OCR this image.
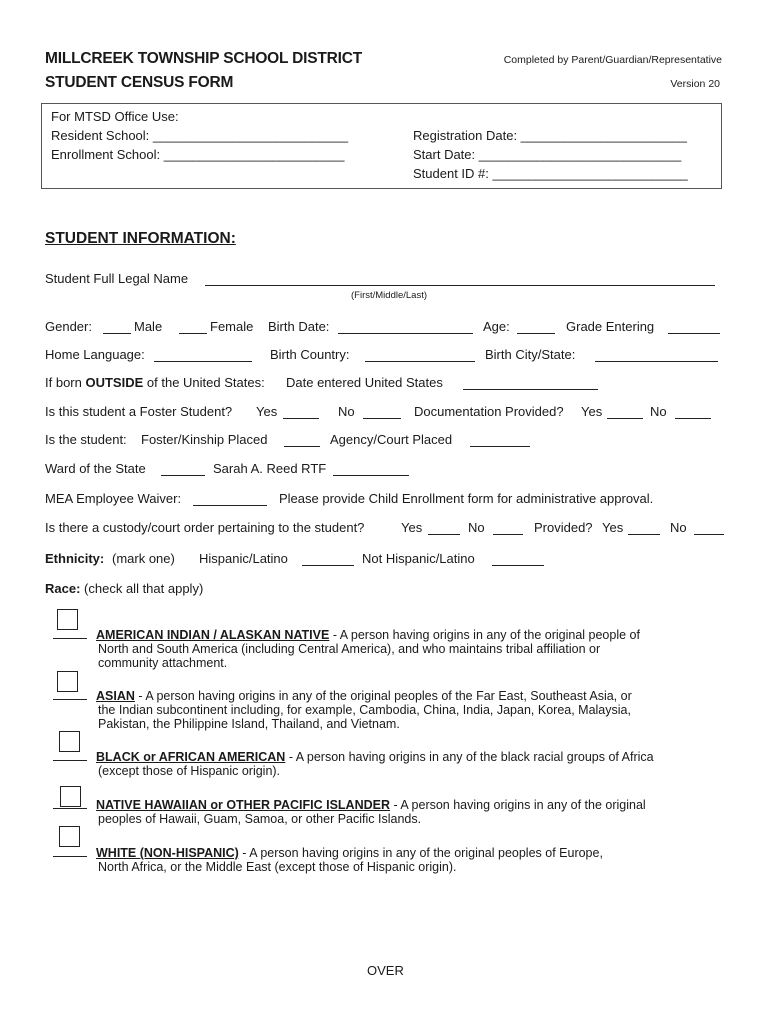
MILLCREEK TOWNSHIP SCHOOL DISTRICT
STUDENT CENSUS FORM
Completed by Parent/Guardian/Representative
Version 20
For MTSD Office Use:
Resident School: ___________________________
Enrollment School: _________________________
Registration Date: _______________________
Start Date: ____________________________
Student ID #: ___________________________
STUDENT INFORMATION:
Student Full Legal Name
(First/Middle/Last)
Gender:	Male	Female Birth Date:	Age:	Grade Entering
Home Language:	Birth Country:	Birth City/State:
If born OUTSIDE of the United States: Date entered United States
Is this student a Foster Student? Yes	No	Documentation Provided? Yes	No
Is the student: Foster/Kinship Placed	Agency/Court Placed
Ward of the State	Sarah A. Reed RTF
MEA Employee Waiver:	Please provide Child Enrollment form for administrative approval.
Is there a custody/court order pertaining to the student?	Yes	No	Provided? Yes	No
Ethnicity: (mark one) Hispanic/Latino	Not Hispanic/Latino
Race: (check all that apply)
AMERICAN INDIAN / ALASKAN NATIVE - A person having origins in any of the original people of
North and South America (including Central America), and who maintains tribal affiliation or
community attachment.
ASIAN - A person having origins in any of the original peoples of the Far East, Southeast Asia, or
the Indian subcontinent including, for example, Cambodia, China, India, Japan, Korea, Malaysia,
Pakistan, the Philippine Island, Thailand, and Vietnam.
BLACK or AFRICAN AMERICAN - A person having origins in any of the black racial groups of Africa
(except those of Hispanic origin).
NATIVE HAWAIIAN or OTHER PACIFIC ISLANDER - A person having origins in any of the original
peoples of Hawaii, Guam, Samoa, or other Pacific Islands.
WHITE (NON-HISPANIC) - A person having origins in any of the original peoples of Europe,
North Africa, or the Middle East (except those of Hispanic origin).
OVER
